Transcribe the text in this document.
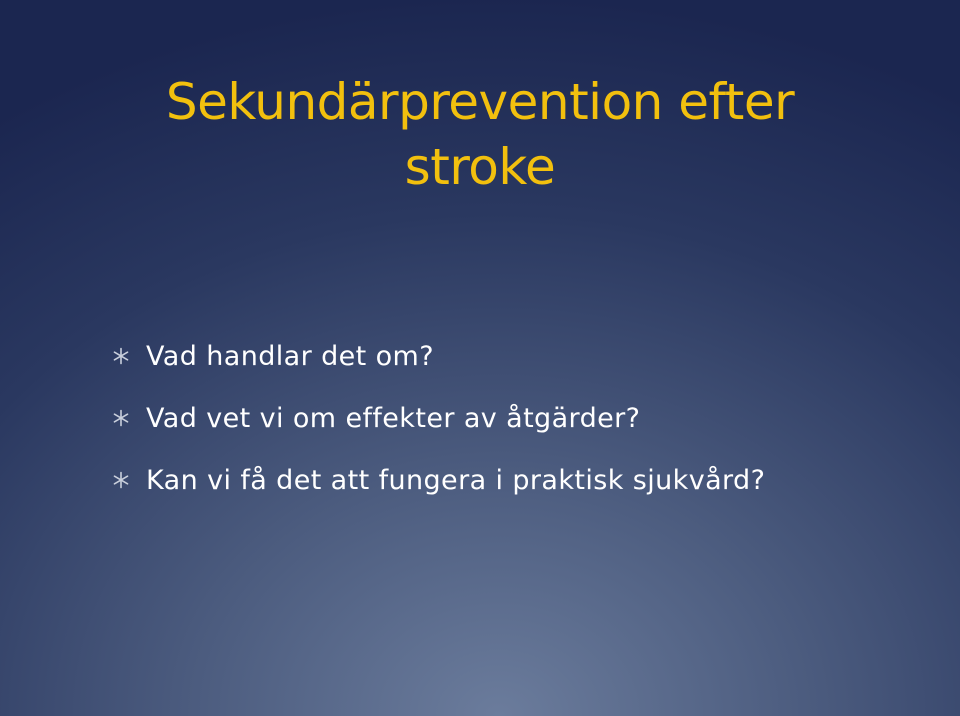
Sekundärprevention efter
stroke
Vad handlar det om?
Vad vet vi om effekter av åtgärder?
Kan vi få det att fungera i praktisk sjukvård?
